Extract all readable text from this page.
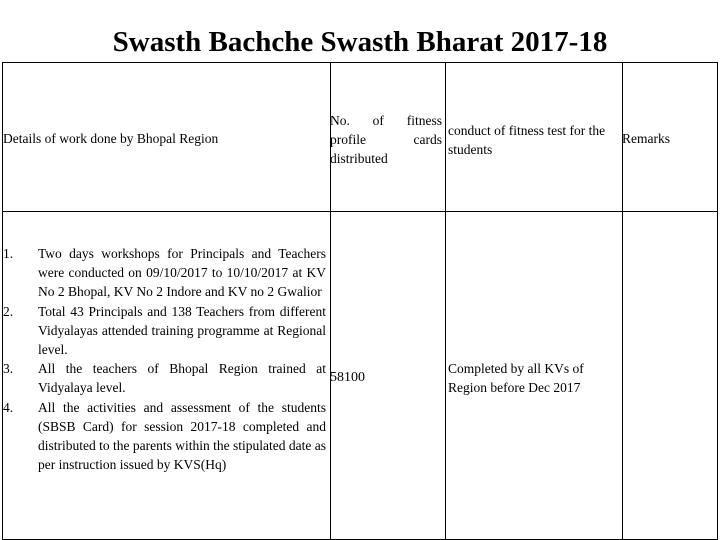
Swasth Bachche Swasth Bharat 2017-18
Details of work done by Bhopal Region
No. of fitness profile cards distributed
conduct of fitness test for the students
Remarks
1. Two days workshops for Principals and Teachers were conducted on 09/10/2017 to 10/10/2017 at KV No 2 Bhopal, KV No 2 Indore and KV no 2 Gwalior
2. Total 43 Principals and 138 Teachers from different Vidyalayas attended training programme at Regional level.
3. All the teachers of Bhopal Region trained at Vidyalaya level.
4. All the activities and assessment of the students (SBSB Card) for session 2017-18 completed and distributed to the parents within the stipulated date as per instruction issued by KVS(Hq)
58100
Completed by all KVs of Region before Dec 2017
